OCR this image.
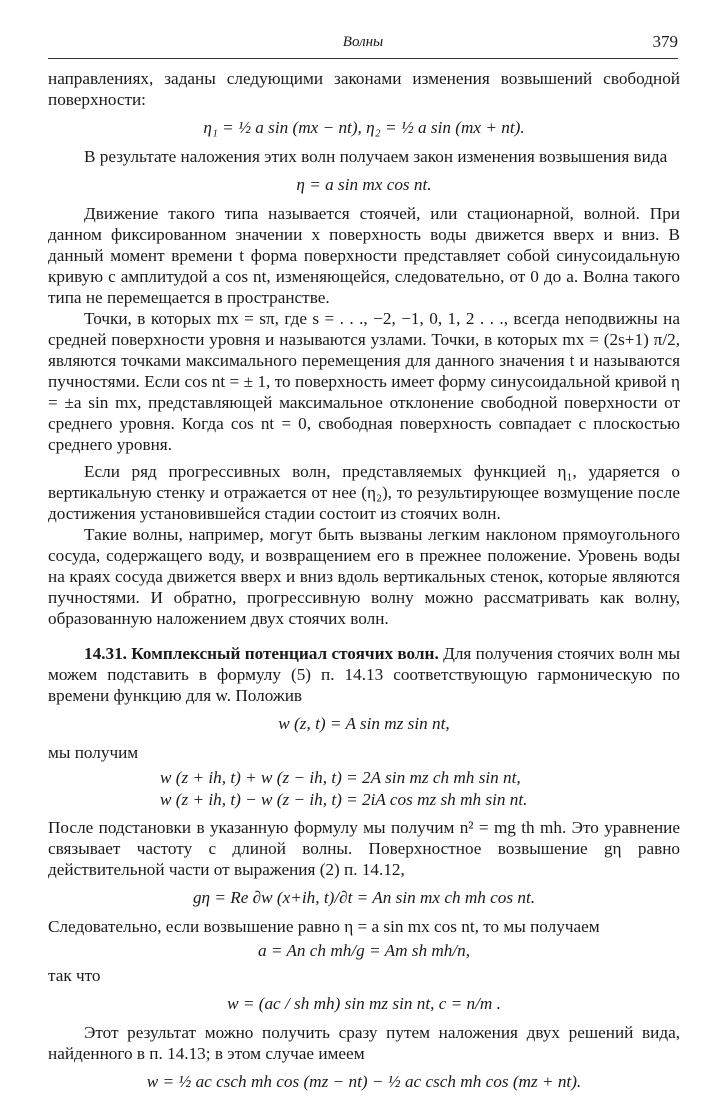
Волны	379

направлениях, заданы следующими законами изменения возвышений свободной поверхности:

η₁ = ½ a sin (mx − nt), η₂ = ½ a sin (mx + nt).

В результате наложения этих волн получаем закон изменения возвышения вида

η = a sin mx cos nt.

Движение такого типа называется стоячей, или стационарной, волной. При данном фиксированном значении x поверхность воды движется вверх и вниз. В данный момент времени t форма поверхности представляет собой синусоидальную кривую с амплитудой a cos nt, изменяющейся, следовательно, от 0 до a. Волна такого типа не перемещается в пространстве.

Точки, в которых mx = sπ, где s = . . ., −2, −1, 0, 1, 2 . . ., всегда неподвижны на средней поверхности уровня и называются узлами. Точки, в которых mx = (2s+1) π/2, являются точками максимального перемещения для данного значения t и называются пучностями. Если cos nt = ± 1, то поверхность имеет форму синусоидальной кривой η = ±a sin mx, представляющей максимальное отклонение свободной поверхности от среднего уровня. Когда cos nt = 0, свободная поверхность совпадает с плоскостью среднего уровня.

Если ряд прогрессивных волн, представляемых функцией η₁, ударяется о вертикальную стенку и отражается от нее (η₂), то результирующее возмущение после достижения установившейся стадии состоит из стоячих волн.

Такие волны, например, могут быть вызваны легким наклоном прямоугольного сосуда, содержащего воду, и возвращением его в прежнее положение. Уровень воды на краях сосуда движется вверх и вниз вдоль вертикальных стенок, которые являются пучностями. И обратно, прогрессивную волну можно рассматривать как волну, образованную наложением двух стоячих волн.

14.31. Комплексный потенциал стоячих волн. Для получения стоячих волн мы можем подставить в формулу (5) п. 14.13 соответствующую гармоническую по времени функцию для w. Положив

w (z, t) = A sin mz sin nt,

мы получим

w (z + ih, t) + w (z − ih, t) = 2A sin mz ch mh sin nt,
w (z + ih, t) − w (z − ih, t) = 2iA cos mz sh mh sin nt.

После подстановки в указанную формулу мы получим n² = mg th mh. Это уравнение связывает частоту с длиной волны. Поверхностное возвышение gη равно действительной части от выражения (2) п. 14.12,

gη = Re ∂w (x+ih, t)/∂t = An sin mx ch mh cos nt.

Следовательно, если возвышение равно η = a sin mx cos nt, то мы получаем

a = An ch mh/g = Am sh mh/n,

так что

w = (ac / sh mh) sin mz sin nt, c = n/m .

Этот результат можно получить сразу путем наложения двух решений вида, найденного в п. 14.13; в этом случае имеем

w = ½ ac csch mh cos (mz − nt) − ½ ac csch mh cos (mz + nt).
